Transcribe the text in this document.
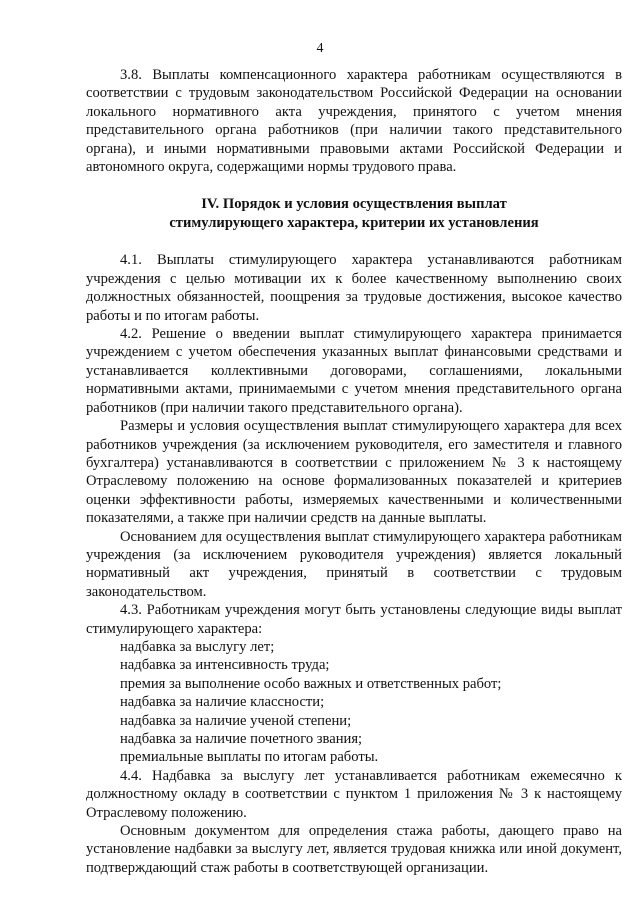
4

3.8. Выплаты компенсационного характера работникам осуществляются в соответствии с трудовым законодательством Российской Федерации на основании локального нормативного акта учреждения, принятого с учетом мнения представительного органа работников (при наличии такого представительного органа), и иными нормативными правовыми актами Российской Федерации и автономного округа, содержащими нормы трудового права.

IV. Порядок и условия осуществления выплат
стимулирующего характера, критерии их установления

4.1. Выплаты стимулирующего характера устанавливаются работникам учреждения с целью мотивации их к более качественному выполнению своих должностных обязанностей, поощрения за трудовые достижения, высокое качество работы и по итогам работы.

4.2. Решение о введении выплат стимулирующего характера принимается учреждением с учетом обеспечения указанных выплат финансовыми средствами и устанавливается коллективными договорами, соглашениями, локальными нормативными актами, принимаемыми с учетом мнения представительного органа работников (при наличии такого представительного органа).

Размеры и условия осуществления выплат стимулирующего характера для всех работников учреждения (за исключением руководителя, его заместителя и главного бухгалтера) устанавливаются в соответствии с приложением № 3 к настоящему Отраслевому положению на основе формализованных показателей и критериев оценки эффективности работы, измеряемых качественными и количественными показателями, а также при наличии средств на данные выплаты.

Основанием для осуществления выплат стимулирующего характера работникам учреждения (за исключением руководителя учреждения) является локальный нормативный акт учреждения, принятый в соответствии с трудовым законодательством.

4.3. Работникам учреждения могут быть установлены следующие виды выплат стимулирующего характера:

надбавка за выслугу лет;

надбавка за интенсивность труда;

премия за выполнение особо важных и ответственных работ;

надбавка за наличие классности;

надбавка за наличие ученой степени;

надбавка за наличие почетного звания;

премиальные выплаты по итогам работы.

4.4. Надбавка за выслугу лет устанавливается работникам ежемесячно к должностному окладу в соответствии с пунктом 1 приложения № 3 к настоящему Отраслевому положению.

Основным документом для определения стажа работы, дающего право на установление надбавки за выслугу лет, является трудовая книжка или иной документ, подтверждающий стаж работы в соответствующей организации.
